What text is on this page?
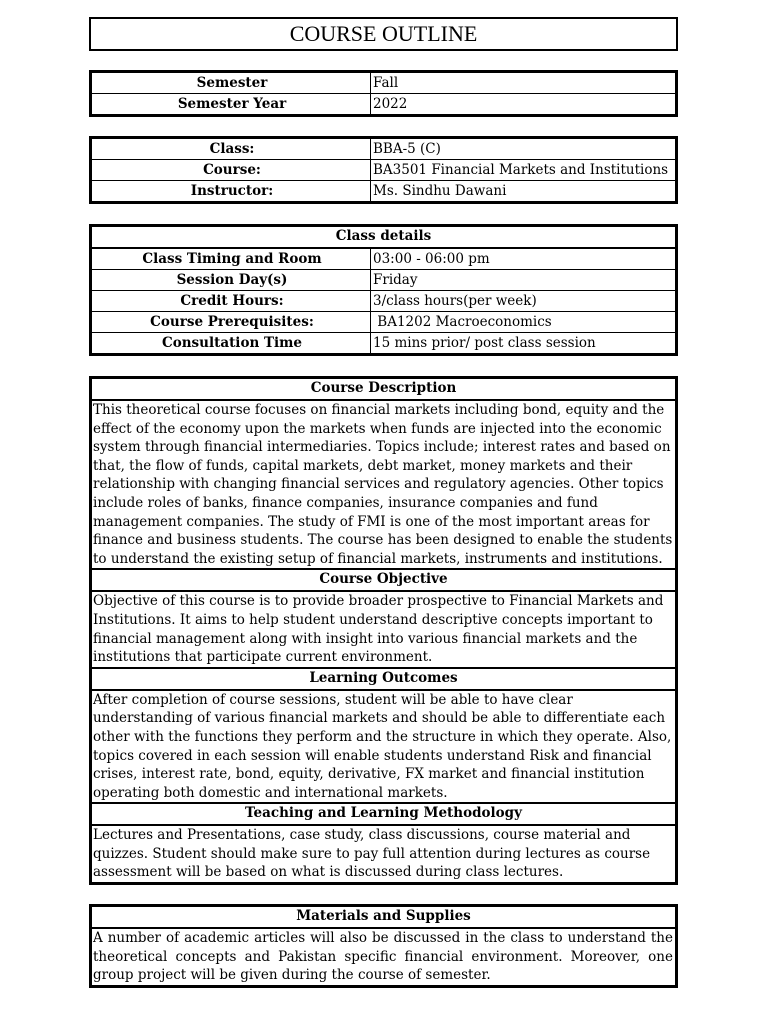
COURSE OUTLINE
Semester	Fall
Semester Year	2022
Class:	BBA-5 (C)
Course:	BA3501 Financial Markets and Institutions
Instructor:	Ms. Sindhu Dawani
Class details
Class Timing and Room	03:00 - 06:00 pm
Session Day(s)	Friday
Credit Hours:	3/class hours(per week)
Course Prerequisites:	BA1202 Macroeconomics
Consultation Time	15 mins prior/ post class session
Course Description

This theoretical course focuses on financial markets including bond, equity and the effect of the economy upon the markets when funds are injected into the economic system through financial intermediaries. Topics include; interest rates and based on that, the flow of funds, capital markets, debt market, money markets and their relationship with changing financial services and regulatory agencies. Other topics include roles of banks, finance companies, insurance companies and fund management companies. The study of FMI is one of the most important areas for finance and business students. The course has been designed to enable the students to understand the existing setup of financial markets, instruments and institutions.

Course Objective

Objective of this course is to provide broader prospective to Financial Markets and Institutions. It aims to help student understand descriptive concepts important to financial management along with insight into various financial markets and the institutions that participate current environment.

Learning Outcomes

After completion of course sessions, student will be able to have clear understanding of various financial markets and should be able to differentiate each other with the functions they perform and the structure in which they operate. Also, topics covered in each session will enable students understand Risk and financial crises, interest rate, bond, equity, derivative, FX market and financial institution operating both domestic and international markets.

Teaching and Learning Methodology

Lectures and Presentations, case study, class discussions, course material and quizzes. Student should make sure to pay full attention during lectures as course assessment will be based on what is discussed during class lectures.

Materials and Supplies

A number of academic articles will also be discussed in the class to understand the theoretical concepts and Pakistan specific financial environment. Moreover, one group project will be given during the course of semester.
